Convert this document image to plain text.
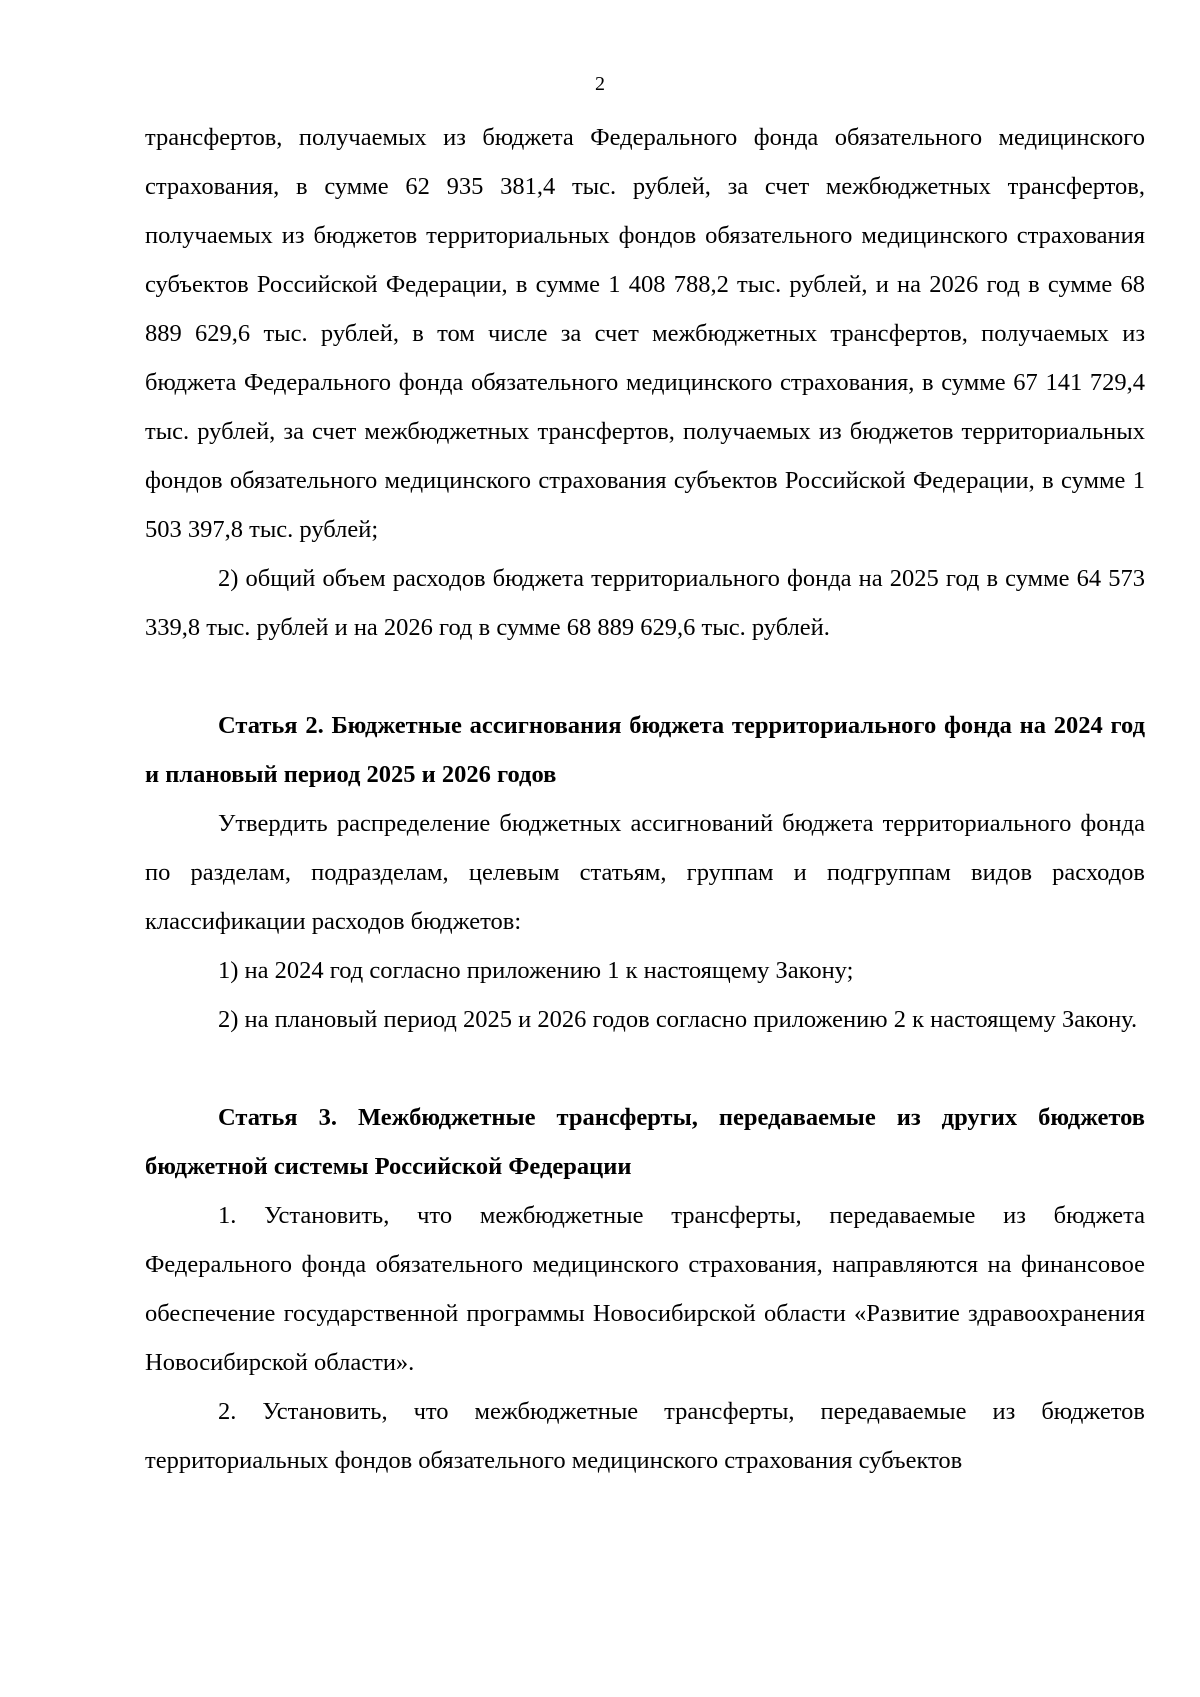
2

трансфертов, получаемых из бюджета Федерального фонда обязательного медицинского страхования, в сумме 62 935 381,4 тыс. рублей, за счет межбюджетных трансфертов, получаемых из бюджетов территориальных фондов обязательного медицинского страхования субъектов Российской Федерации, в сумме 1 408 788,2 тыс. рублей, и на 2026 год в сумме 68 889 629,6 тыс. рублей, в том числе за счет межбюджетных трансфертов, получаемых из бюджета Федерального фонда обязательного медицинского страхования, в сумме 67 141 729,4 тыс. рублей, за счет межбюджетных трансфертов, получаемых из бюджетов территориальных фондов обязательного медицинского страхования субъектов Российской Федерации, в сумме 1 503 397,8 тыс. рублей;

2) общий объем расходов бюджета территориального фонда на 2025 год в сумме 64 573 339,8 тыс. рублей и на 2026 год в сумме 68 889 629,6 тыс. рублей.

Статья 2. Бюджетные ассигнования бюджета территориального фонда на 2024 год и плановый период 2025 и 2026 годов

Утвердить распределение бюджетных ассигнований бюджета территориального фонда по разделам, подразделам, целевым статьям, группам и подгруппам видов расходов классификации расходов бюджетов:

1) на 2024 год согласно приложению 1 к настоящему Закону;

2) на плановый период 2025 и 2026 годов согласно приложению 2 к настоящему Закону.

Статья 3. Межбюджетные трансферты, передаваемые из других бюджетов бюджетной системы Российской Федерации

1. Установить, что межбюджетные трансферты, передаваемые из бюджета Федерального фонда обязательного медицинского страхования, направляются на финансовое обеспечение государственной программы Новосибирской области «Развитие здравоохранения Новосибирской области».

2. Установить, что межбюджетные трансферты, передаваемые из бюджетов территориальных фондов обязательного медицинского страхования субъектов
